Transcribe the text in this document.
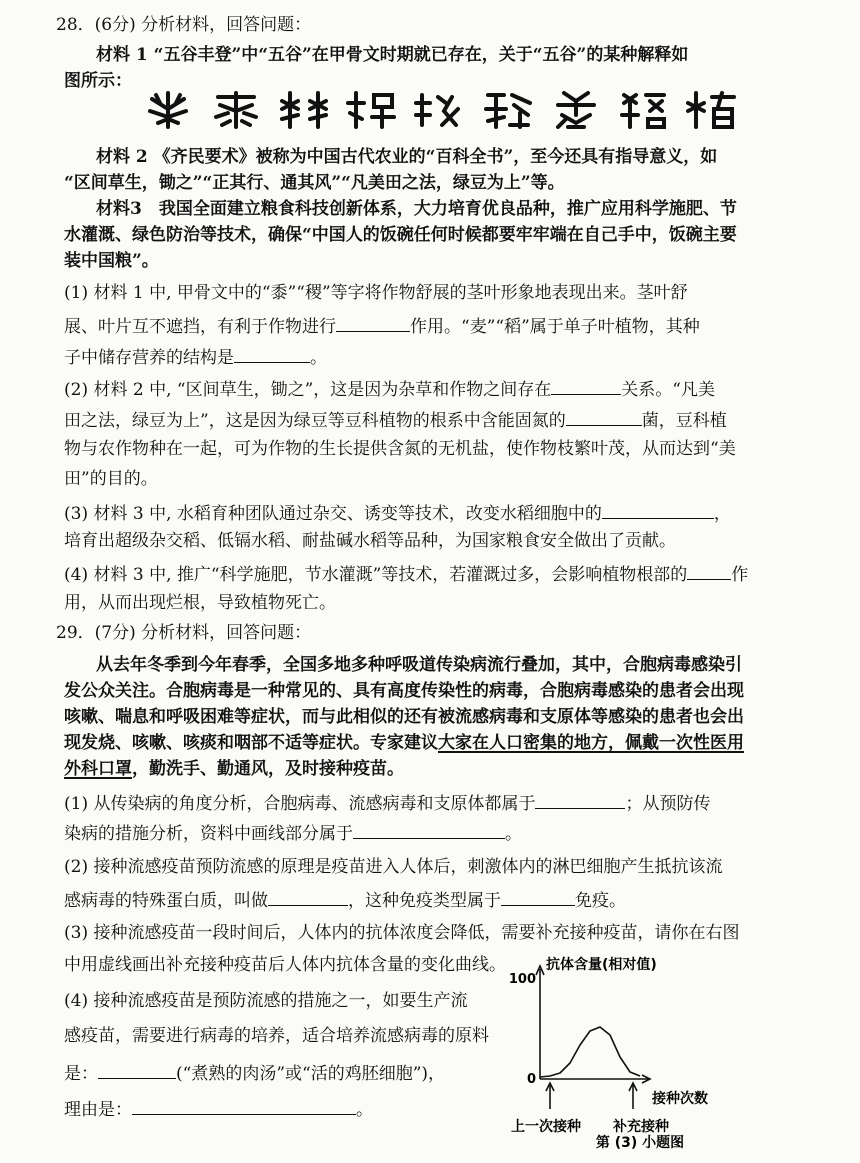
28．(6分) 分析材料，回答问题：
材料 1 “五谷丰登”中“五谷”在甲骨文时期就已存在，关于“五谷”的某种解释如
图所示：
材料 2 《齐民要术》被称为中国古代农业的“百科全书”，至今还具有指导意义，如
“区间草生，锄之”“正其行、通其风”“凡美田之法，绿豆为上”等。
材料3　我国全面建立粮食科技创新体系，大力培育优良品种，推广应用科学施肥、节
水灌溉、绿色防治等技术，确保“中国人的饭碗任何时候都要牢牢端在自己手中，饭碗主要
装中国粮”。
(1) 材料 1 中, 甲骨文中的“黍”“稷”等字将作物舒展的茎叶形象地表现出来。茎叶舒
展、叶片互不遮挡，有利于作物进行	作用。“麦”“稻”属于单子叶植物，其种
子中储存营养的结构是	。
(2) 材料 2 中, “区间草生，锄之”，这是因为杂草和作物之间存在	关系。“凡美
田之法，绿豆为上”，这是因为绿豆等豆科植物的根系中含能固氮的	菌，豆科植
物与农作物种在一起，可为作物的生长提供含氮的无机盐，使作物枝繁叶茂，从而达到“美
田”的目的。
(3) 材料 3 中, 水稻育种团队通过杂交、诱变等技术，改变水稻细胞中的	，
培育出超级杂交稻、低镉水稻、耐盐碱水稻等品种，为国家粮食安全做出了贡献。
(4) 材料 3 中, 推广“科学施肥，节水灌溉”等技术，若灌溉过多，会影响植物根部的	作
用，从而出现烂根，导致植物死亡。
29．(7分) 分析材料，回答问题：
从去年冬季到今年春季，全国多地多种呼吸道传染病流行叠加，其中，合胞病毒感染引
发公众关注。合胞病毒是一种常见的、具有高度传染性的病毒，合胞病毒感染的患者会出现
咳嗽、喘息和呼吸困难等症状，而与此相似的还有被流感病毒和支原体等感染的患者也会出
现发烧、咳嗽、咳痰和咽部不适等症状。专家建议大家在人口密集的地方，佩戴一次性医用
外科口罩，勤洗手、勤通风，及时接种疫苗。
(1) 从传染病的角度分析，合胞病毒、流感病毒和支原体都属于	；从预防传
染病的措施分析，资料中画线部分属于	。
(2) 接种流感疫苗预防流感的原理是疫苗进入人体后，刺激体内的淋巴细胞产生抵抗该流
感病毒的特殊蛋白质，叫做	，这种免疫类型属于	免疫。
(3) 接种流感疫苗一段时间后，人体内的抗体浓度会降低，需要补充接种疫苗，请你在右图
中用虚线画出补充接种疫苗后人体内抗体含量的变化曲线。
(4) 接种流感疫苗是预防流感的措施之一，如要生产流
感疫苗，需要进行病毒的培养，适合培养流感病毒的原料
是：	(“煮熟的肉汤”或“活的鸡胚细胞”)，
理由是：	。
抗体含量(相对值)
100
0
接种次数
上一次接种 补充接种
第 (3) 小题图
